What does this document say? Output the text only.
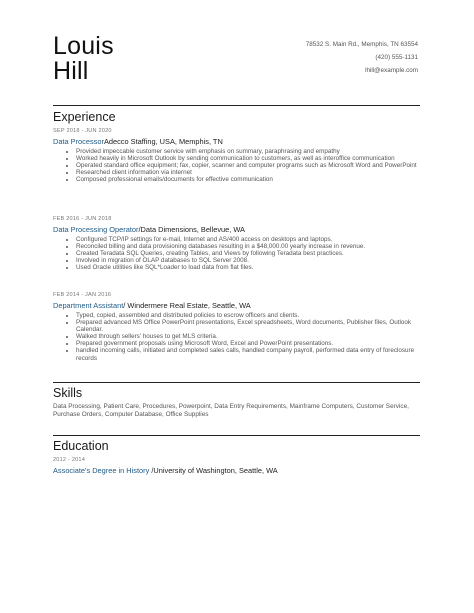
Louis
Hill
78532 S. Main Rd., Memphis, TN 63554
(420) 555-1131
lhill@example.com
Experience
SEP 2018 - JUN 2020
Data ProcessorAdecco Staffing, USA, Memphis, TN
• Provided impeccable customer service with emphasis on summary, paraphrasing and empathy
• Worked heavily in Microsoft Outlook by sending communication to customers, as well as interoffice communication
• Operated standard office equipment; fax, copier, scanner and computer programs such as Microsoft Word and PowerPoint
• Researched client information via internet
• Composed professional emails/documents for effective communication
FEB 2016 - JUN 2018
Data Processing Operator/Data Dimensions, Bellevue, WA
• Configured TCP/IP settings for e-mail, Internet and AS/400 access on desktops and laptops.
• Reconciled billing and data provisioning databases resulting in a $48,000.00 yearly increase in revenue.
• Created Teradata SQL Queries, creating Tables, and Views by following Teradata best practices.
• Involved in migration of OLAP databases to SQL Server 2008.
• Used Oracle utilities like SQL*Loader to load data from flat files.
FEB 2014 - JAN 2016
Department Assistant/ Windermere Real Estate, Seattle, WA
• Typed, copied, assembled and distributed policies to escrow officers and clients.
• Prepared advanced MS Office PowerPoint presentations, Excel spreadsheets, Word documents, Publisher files, Outlook Calendar.
• Walked through sellers' houses to get MLS criteria.
• Prepared government proposals using Microsoft Word, Excel and PowerPoint presentations.
• handled incoming calls, initiated and completed sales calls, handled company payroll, performed data entry of foreclosure records
Skills
Data Processing, Patient Care, Procedures, Powerpoint, Data Entry Requirements, Mainframe Computers, Customer Service, Purchase Orders, Computer Database, Office Supplies
Education
2012 - 2014
Associate's Degree in History /University of Washington, Seattle, WA
